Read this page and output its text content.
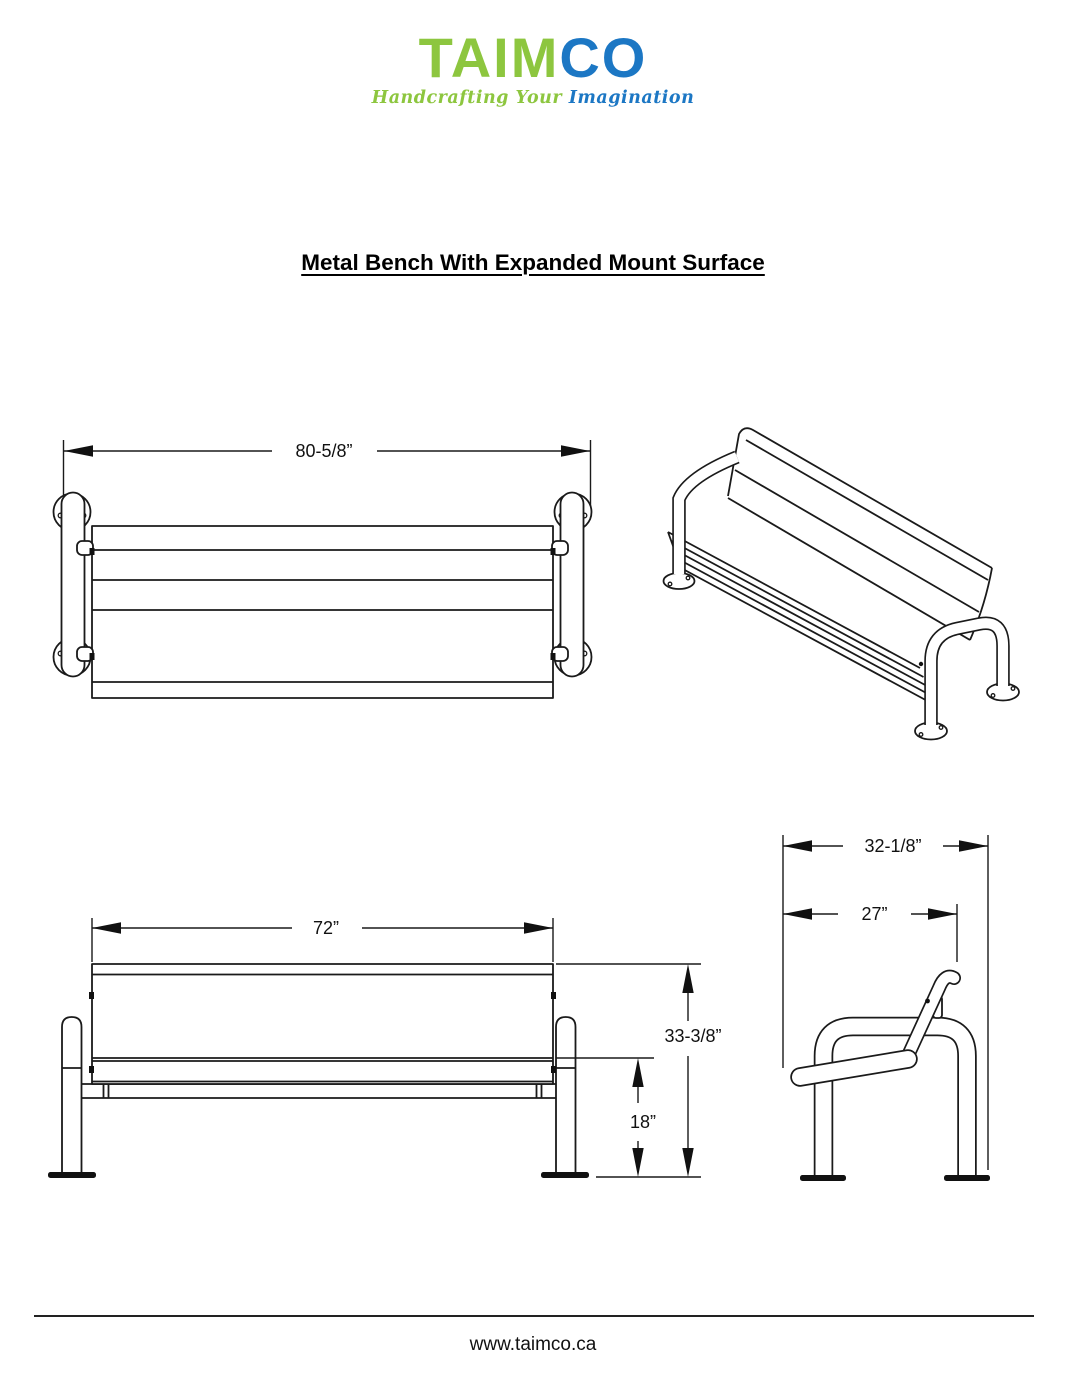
TAIMCO
Handcrafting Your Imagination
Metal Bench With Expanded Mount Surface
80-5/8”
72”
33-3/8”
18”
32-1/8”
27”
www.taimco.ca
